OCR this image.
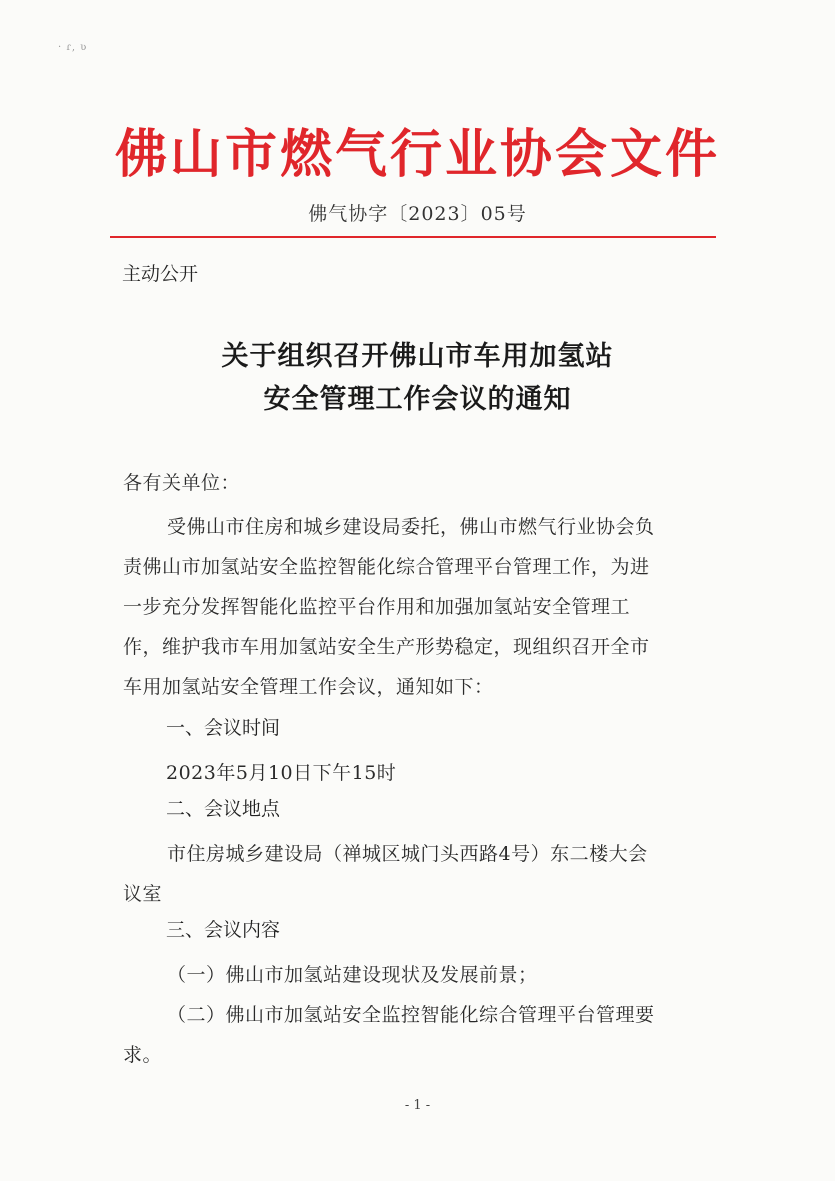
· ɾ, ʋ
佛山市燃气行业协会文件
佛气协字〔2023〕05号
主动公开
关于组织召开佛山市车用加氢站
安全管理工作会议的通知
各有关单位：
受佛山市住房和城乡建设局委托，佛山市燃气行业协会负
责佛山市加氢站安全监控智能化综合管理平台管理工作，为进
一步充分发挥智能化监控平台作用和加强加氢站安全管理工
作，维护我市车用加氢站安全生产形势稳定，现组织召开全市
车用加氢站安全管理工作会议，通知如下：
一、会议时间
2023年5月10日下午15时
二、会议地点
市住房城乡建设局（禅城区城门头西路4号）东二楼大会
议室
三、会议内容
（一）佛山市加氢站建设现状及发展前景；
（二）佛山市加氢站安全监控智能化综合管理平台管理要
求。
- 1 -
